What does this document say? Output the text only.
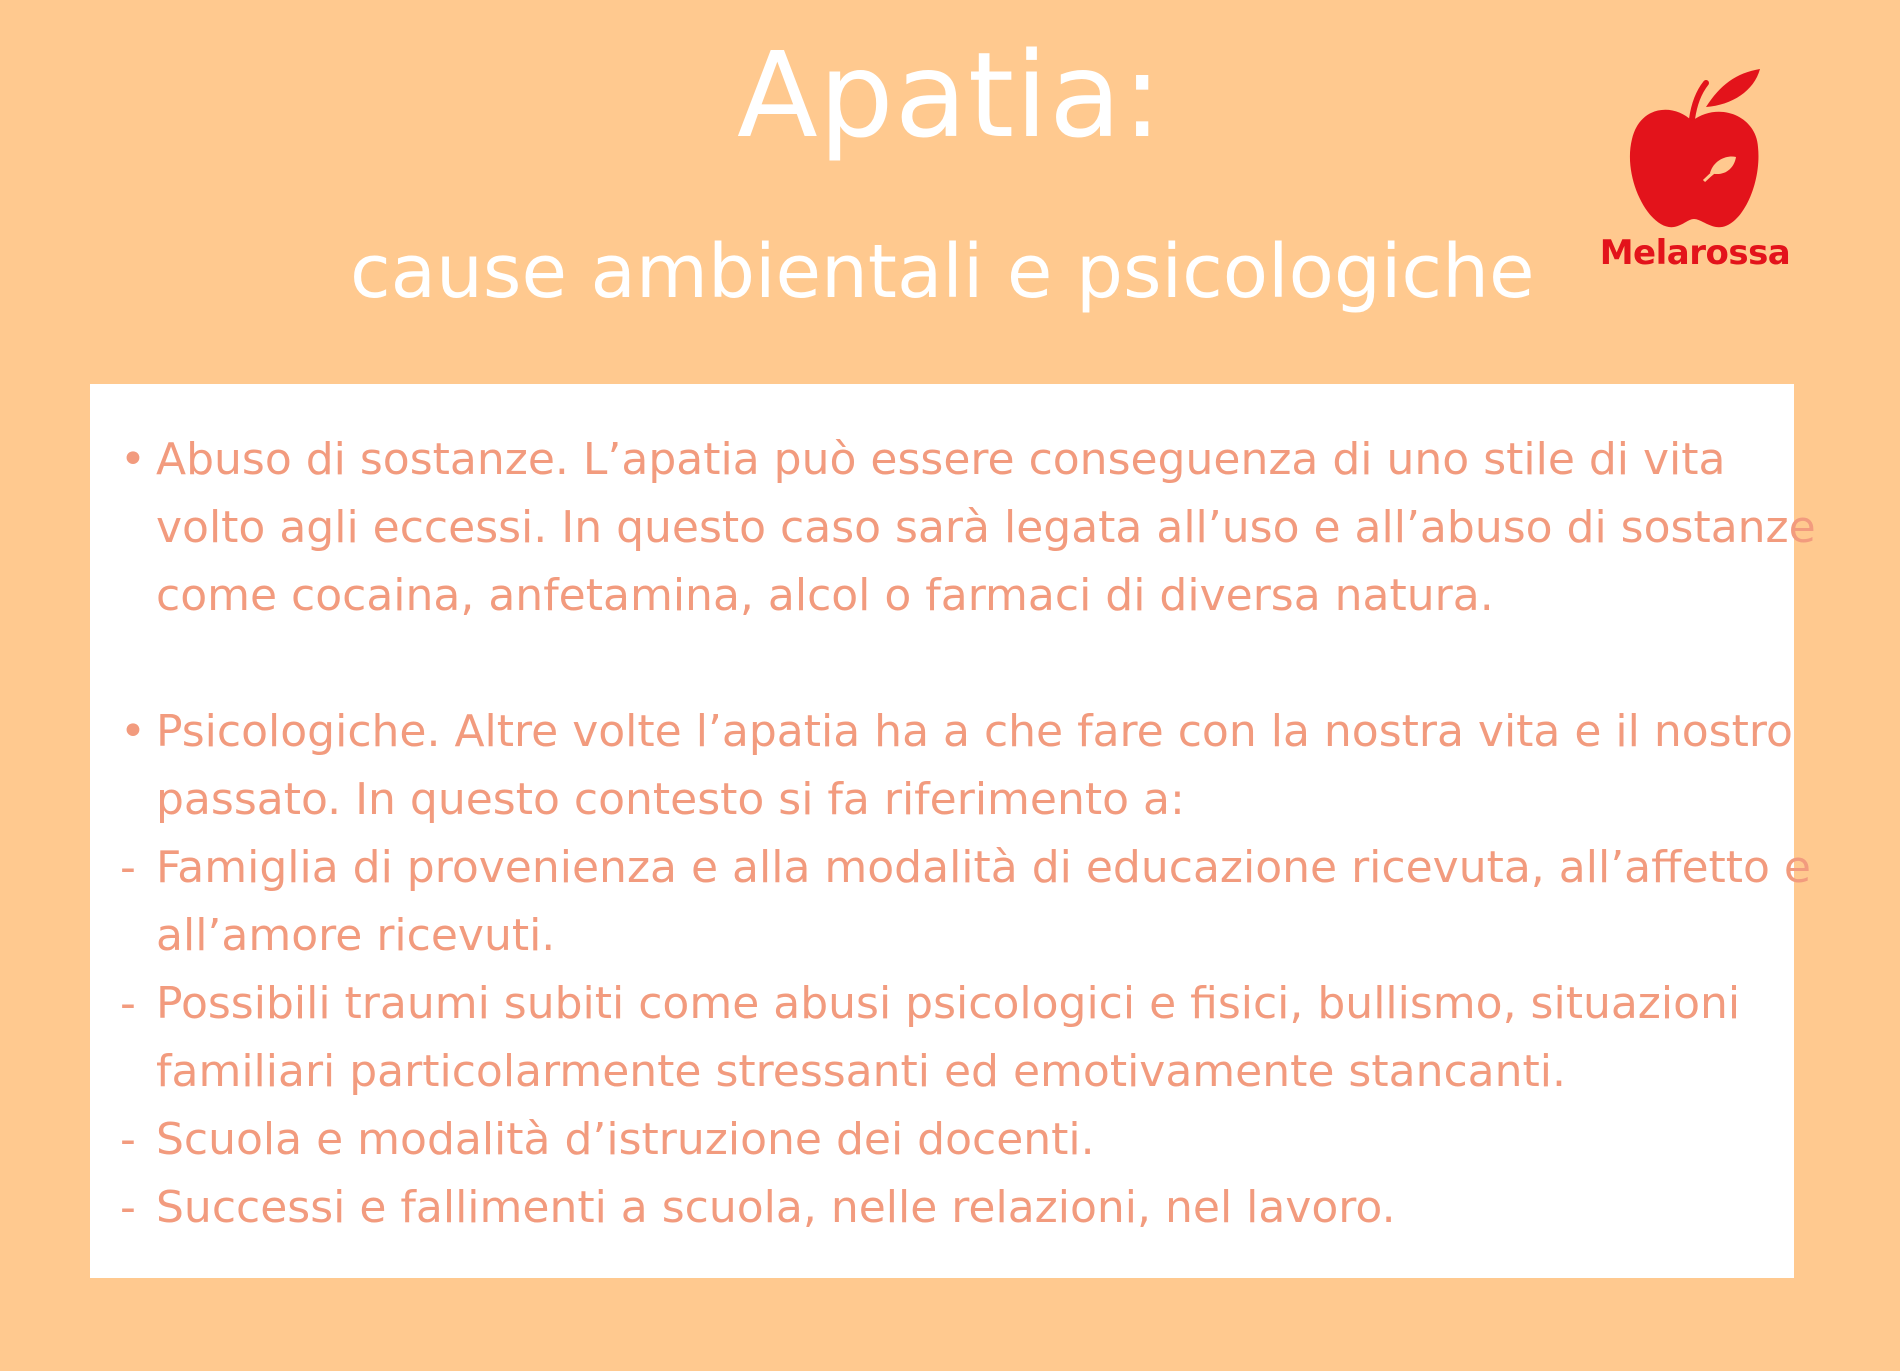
Apatia:
cause ambientali e psicologiche	Melarossa

• Abuso di sostanze. L’apatia può essere conseguenza di uno stile di vita volto agli eccessi. In questo caso sarà legata all’uso e all’abuso di sostanze come cocaina, anfetamina, alcol o farmaci di diversa natura.

• Psicologiche. Altre volte l’apatia ha a che fare con la nostra vita e il nostro passato. In questo contesto si fa riferimento a:

- Famiglia di provenienza e alla modalità di educazione ricevuta, all’affetto e all’amore ricevuti.

- Possibili traumi subiti come abusi psicologici e fisici, bullismo, situazioni familiari particolarmente stressanti ed emotivamente stancanti.

- Scuola e modalità d’istruzione dei docenti.

- Successi e fallimenti a scuola, nelle relazioni, nel lavoro.
